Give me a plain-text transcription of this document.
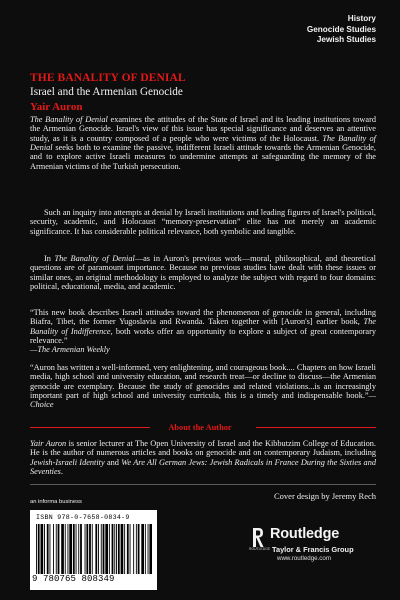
History
Genocide Studies
Jewish Studies
THE BANALITY OF DENIAL
Israel and the Armenian Genocide
Yair Auron

The Banality of Denial examines the attitudes of the State of Israel and its leading institutions toward the Armenian Genocide. Israel's view of this issue has special significance and deserves an attentive study, as it is a country composed of a people who were victims of the Holocaust. The Banality of Denial seeks both to examine the passive, indifferent Israeli attitude towards the Armenian Genocide, and to explore active Israeli measures to undermine attempts at safeguarding the memory of the Armenian victims of the Turkish persecution.

Such an inquiry into attempts at denial by Israeli institutions and leading figures of Israel's political, security, academic, and Holocaust “memory-preservation” elite has not merely an academic significance. It has considerable political relevance, both symbolic and tangible.

In The Banality of Denial—as in Auron's previous work—moral, philosophical, and theoretical questions are of paramount importance. Because no previous studies have dealt with these issues or similar ones, an original methodology is employed to analyze the subject with regard to four domains: political, educational, media, and academic.

“This new book describes Israeli attitudes toward the phenomenon of genocide in general, including Biafra, Tibet, the former Yugoslavia and Rwanda. Taken together with [Auron's] earlier book, The Banality of Indifference, both works offer an opportunity to explore a subject of great contemporary relevance.”

—The Armenian Weekly

“Auron has written a well-informed, very enlightening, and courageous book.... Chapters on how Israeli media, high school and university education, and research treat—or decline to discuss—the Armenian genocide are exemplary. Because the study of genocides and related violations...is an increasingly important part of high school and university curricula, this is a timely and indispensable book.”—Choice

About the Author

Yair Auron is senior lecturer at The Open University of Israel and the Kibbutzim College of Education. He is the author of numerous articles and books on genocide and on contemporary Judaism, including Jewish-Israeli Identity and We Are All German Jews: Jewish Radicals in France During the Sixties and Seventies.

an informa business
ISBN 978-0-7658-0834-9
9 780765 808349
Cover design by Jeremy Rech
ROUTLEDGE
Routledge
Taylor & Francis Group
www.routledge.com
